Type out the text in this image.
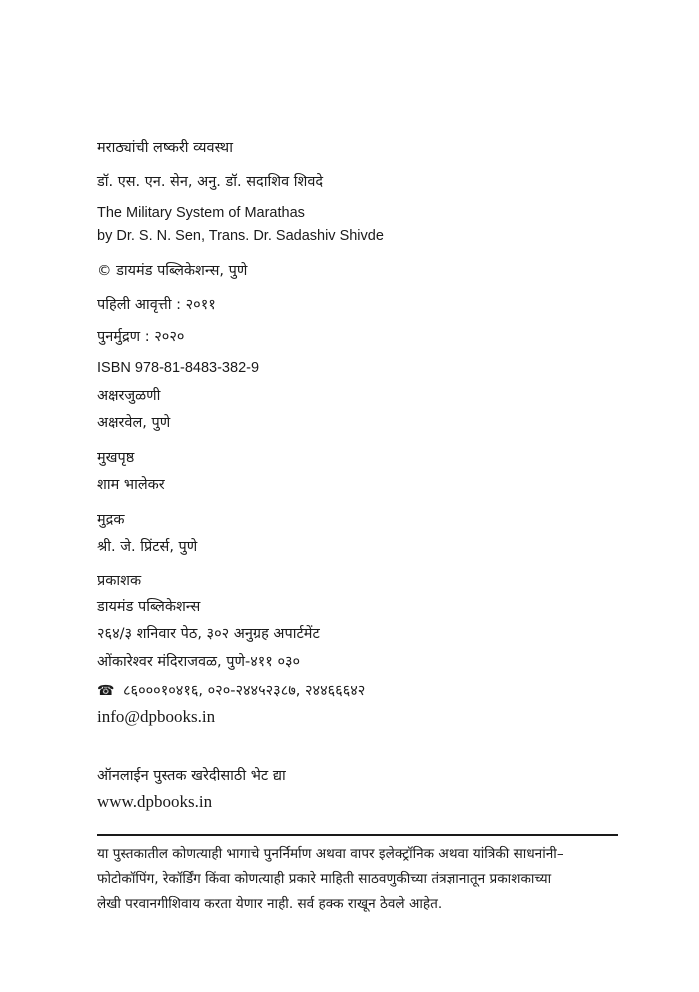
मराठ्यांची लष्करी व्यवस्था
डॉ. एस. एन. सेन, अनु. डॉ. सदाशिव शिवदे
The Military System of Marathas
by Dr. S. N. Sen, Trans. Dr. Sadashiv Shivde
© डायमंड पब्लिकेशन्स, पुणे
पहिली आवृत्ती : २०११
पुनर्मुद्रण : २०२०
ISBN 978-81-8483-382-9
अक्षरजुळणी
अक्षरवेल, पुणे
मुखपृष्ठ
शाम भालेकर
मुद्रक
श्री. जे. प्रिंटर्स, पुणे
प्रकाशक
डायमंड पब्लिकेशन्स
२६४/३ शनिवार पेठ, ३०२ अनुग्रह अपार्टमेंट
ओंकारेश्वर मंदिराजवळ, पुणे-४११ ०३०
☎ ८६०००१०४१६, ०२०-२४४५२३८७, २४४६६६४२
info@dpbooks.in
ऑनलाईन पुस्तक खरेदीसाठी भेट द्या
www.dpbooks.in
या पुस्तकातील कोणत्याही भागाचे पुनर्निर्माण अथवा वापर इलेक्ट्रॉनिक अथवा यांत्रिकी साधनांनी–
फोटोकॉपिंग, रेकॉर्डिंग किंवा कोणत्याही प्रकारे माहिती साठवणुकीच्या तंत्रज्ञानातून प्रकाशकाच्या
लेखी परवानगीशिवाय करता येणार नाही. सर्व हक्क राखून ठेवले आहेत.
